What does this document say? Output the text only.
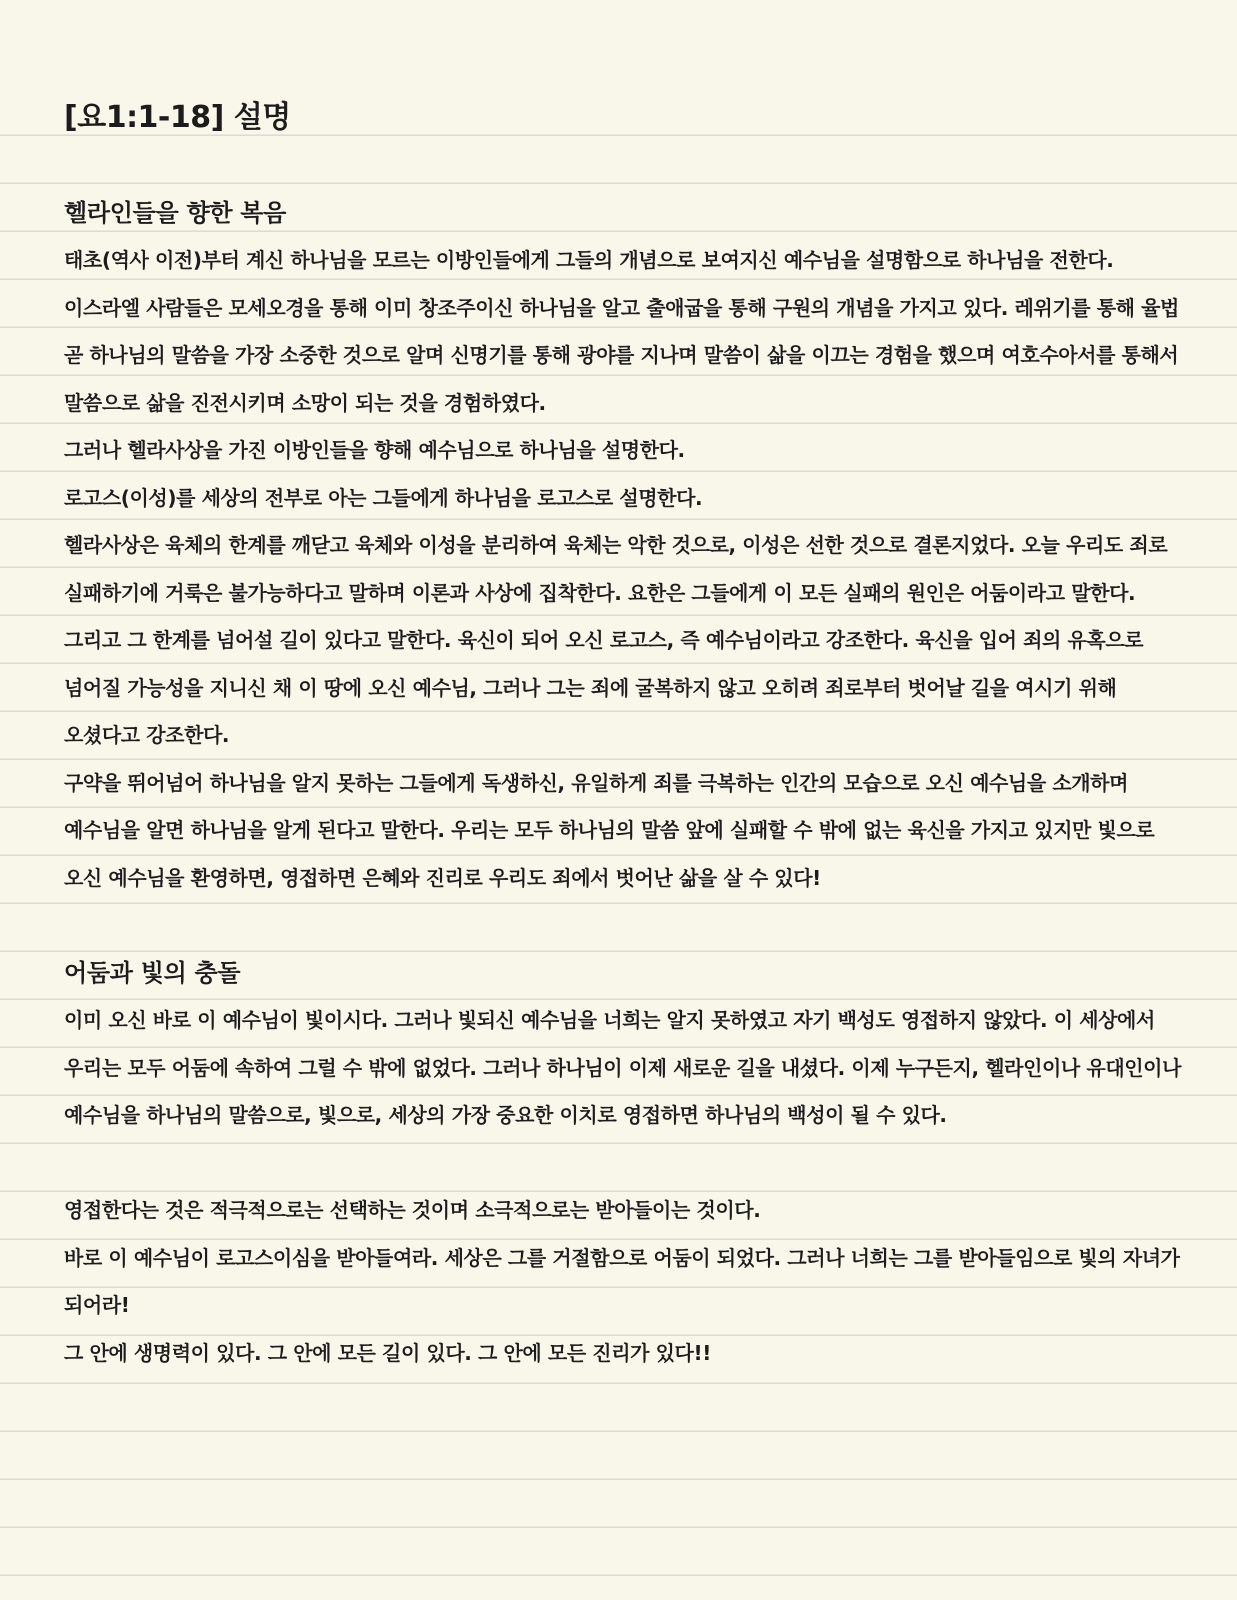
[요1:1-18] 설명
헬라인들을 향한 복음

태초(역사 이전)부터 계신 하나님을 모르는 이방인들에게 그들의 개념으로 보여지신 예수님을 설명함으로 하나님을 전한다. 이스라엘 사람들은 모세오경을 통해 이미 창조주이신 하나님을 알고 출애굽을 통해 구원의 개념을 가지고 있다. 레위기를 통해 율법 곧 하나님의 말씀을 가장 소중한 것으로 알며 신명기를 통해 광야를 지나며 말씀이 삶을 이끄는 경험을 했으며 여호수아서를 통해서 말씀으로 삶을 진전시키며 소망이 되는 것을 경험하였다.

그러나 헬라사상을 가진 이방인들을 향해 예수님으로 하나님을 설명한다.

로고스(이성)를 세상의 전부로 아는 그들에게 하나님을 로고스로 설명한다.

헬라사상은 육체의 한계를 깨닫고 육체와 이성을 분리하여 육체는 악한 것으로, 이성은 선한 것으로 결론지었다. 오늘 우리도 죄로 실패하기에 거룩은 불가능하다고 말하며 이론과 사상에 집착한다. 요한은 그들에게 이 모든 실패의 원인은 어둠이라고 말한다.그리고 그 한계를 넘어설 길이 있다고 말한다. 육신이 되어 오신 로고스, 즉 예수님이라고 강조한다. 육신을 입어 죄의 유혹으로 넘어질 가능성을 지니신 채 이 땅에 오신 예수님, 그러나 그는 죄에 굴복하지 않고 오히려 죄로부터 벗어날 길을 여시기 위해 오셨다고 강조한다.

구약을 뛰어넘어 하나님을 알지 못하는 그들에게 독생하신, 유일하게 죄를 극복하는 인간의 모습으로 오신 예수님을 소개하며 예수님을 알면 하나님을 알게 된다고 말한다. 우리는 모두 하나님의 말씀 앞에 실패할 수 밖에 없는 육신을 가지고 있지만 빛으로 오신 예수님을 환영하면, 영접하면 은혜와 진리로 우리도 죄에서 벗어난 삶을 살 수 있다!

어둠과 빛의 충돌

이미 오신 바로 이 예수님이 빛이시다. 그러나 빛되신 예수님을 너희는 알지 못하였고 자기 백성도 영접하지 않았다. 이 세상에서 우리는 모두 어둠에 속하여 그럴 수 밖에 없었다. 그러나 하나님이 이제 새로운 길을 내셨다. 이제 누구든지, 헬라인이나 유대인이나 예수님을 하나님의 말씀으로, 빛으로, 세상의 가장 중요한 이치로 영접하면 하나님의 백성이 될 수 있다.

영접한다는 것은 적극적으로는 선택하는 것이며 소극적으로는 받아들이는 것이다.

바로 이 예수님이 로고스이심을 받아들여라. 세상은 그를 거절함으로 어둠이 되었다. 그러나 너희는 그를 받아들임으로 빛의 자녀가 되어라!

그 안에 생명력이 있다. 그 안에 모든 길이 있다. 그 안에 모든 진리가 있다!!
